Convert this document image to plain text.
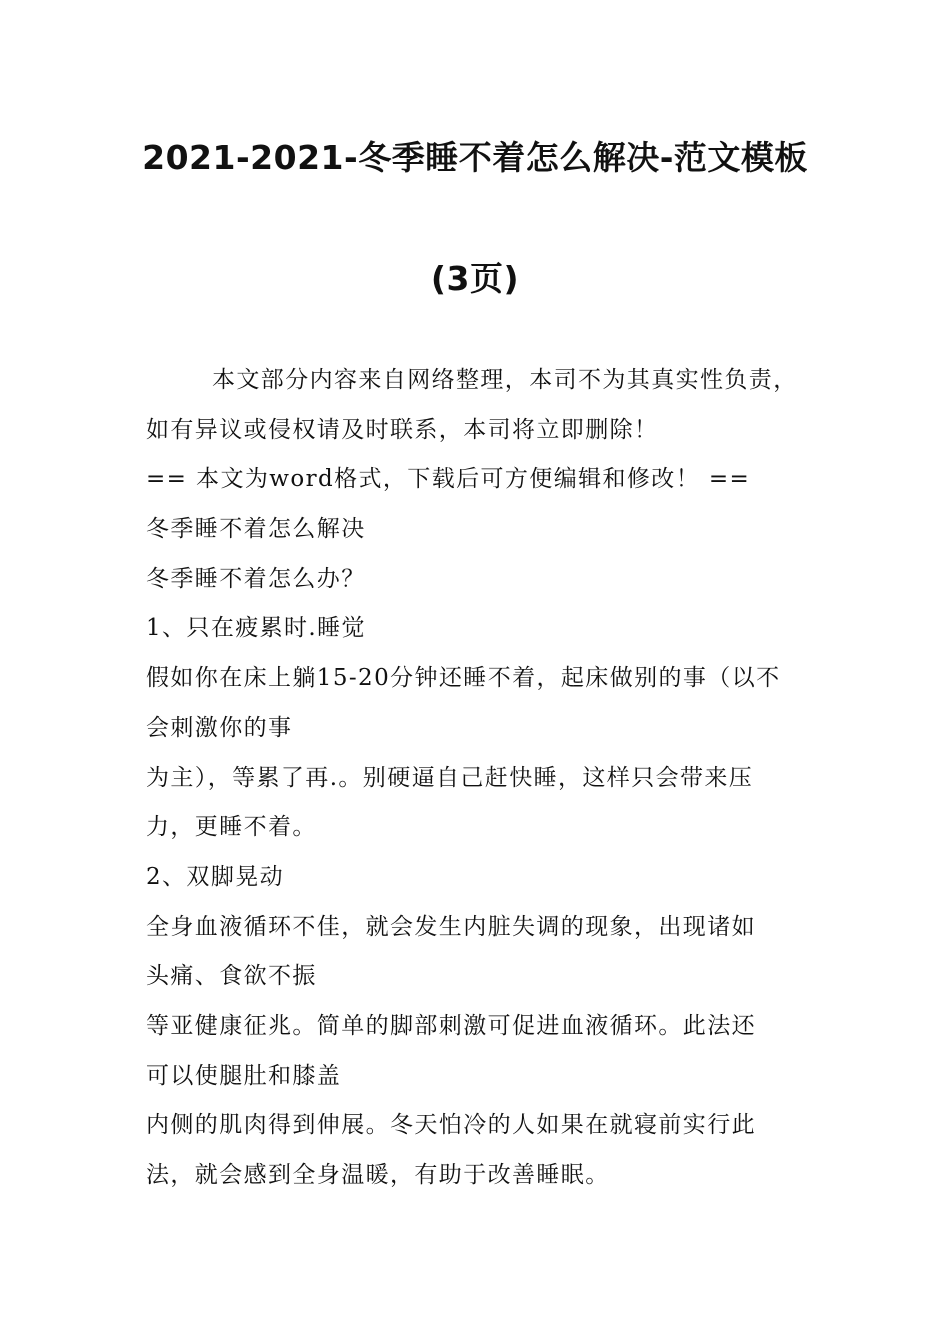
2021-2021-冬季睡不着怎么解决-范文模板
(3页)
本文部分内容来自网络整理，本司不为其真实性负责，
如有异议或侵权请及时联系，本司将立即删除！
== 本文为word格式，下载后可方便编辑和修改！ ==
冬季睡不着怎么解决
冬季睡不着怎么办？
1、只在疲累时.睡觉
假如你在床上躺15-20分钟还睡不着，起床做别的事（以不
会刺激你的事
为主），等累了再.。别硬逼自己赶快睡，这样只会带来压
力，更睡不着。
2、双脚晃动
全身血液循环不佳，就会发生内脏失调的现象，出现诸如
头痛、食欲不振
等亚健康征兆。简单的脚部刺激可促进血液循环。此法还
可以使腿肚和膝盖
内侧的肌肉得到伸展。冬天怕冷的人如果在就寝前实行此
法，就会感到全身温暖，有助于改善睡眠。
